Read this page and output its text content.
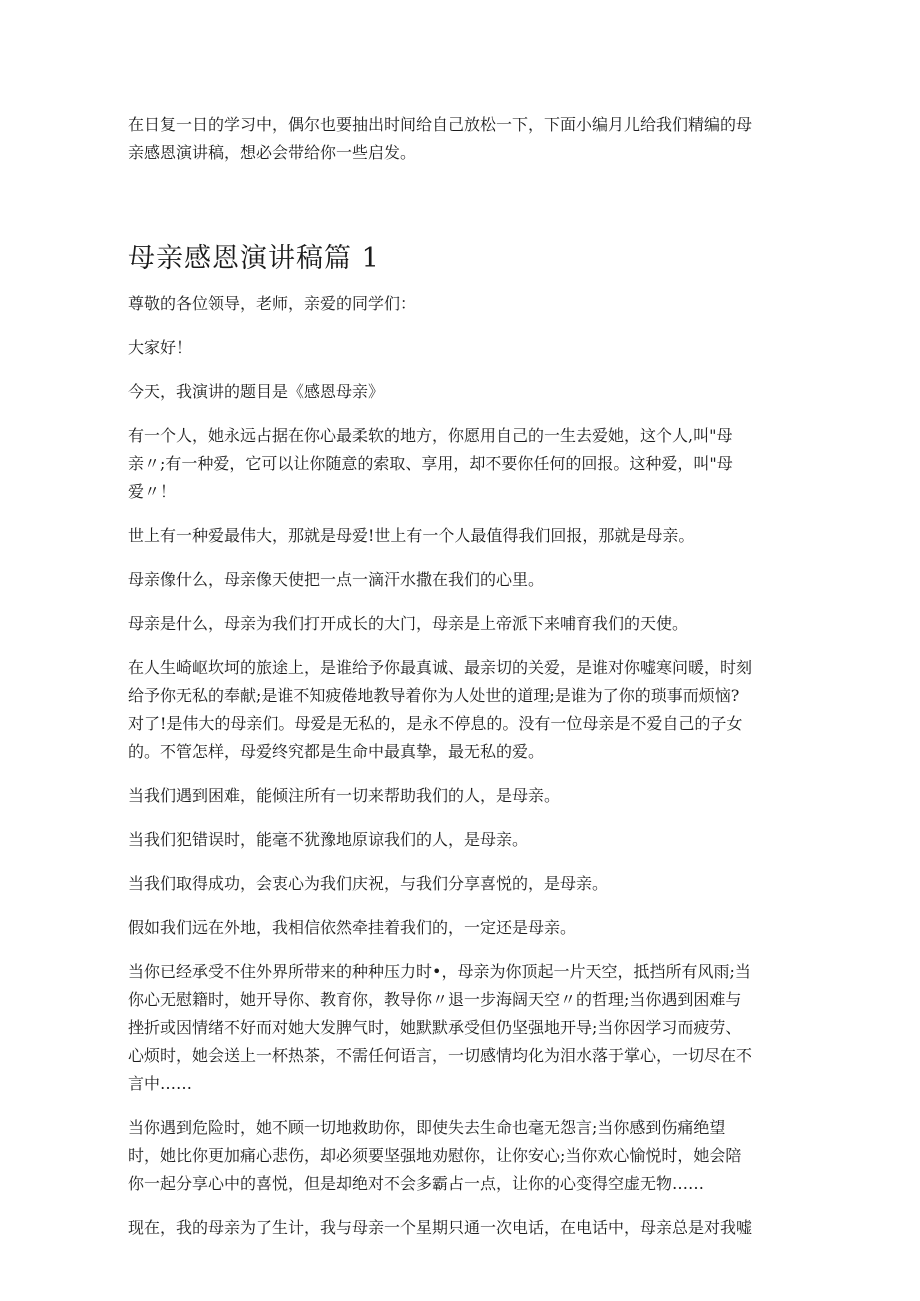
在日复一日的学习中，偶尔也要抽出时间给自己放松一下，下面小编月儿给我们精编的母
亲感恩演讲稿，想必会带给你一些启发。

母亲感恩演讲稿篇 1

尊敬的各位领导，老师，亲爱的同学们：

大家好！

今天，我演讲的题目是《感恩母亲》

有一个人，她永远占据在你心最柔软的地方，你愿用自己的一生去爱她，这个人,叫"母
亲〃;有一种爱，它可以让你随意的索取、享用，却不要你任何的回报。这种爱，叫"母
爱〃！

世上有一种爱最伟大，那就是母爱!世上有一个人最值得我们回报，那就是母亲。

母亲像什么，母亲像天使把一点一滴汗水撒在我们的心里。

母亲是什么，母亲为我们打开成长的大门，母亲是上帝派下来哺育我们的天使。

在人生崎岖坎坷的旅途上，是谁给予你最真诚、最亲切的关爱，是谁对你嘘寒问暖，时刻
给予你无私的奉献;是谁不知疲倦地教导着你为人处世的道理;是谁为了你的琐事而烦恼?
对了!是伟大的母亲们。母爱是无私的，是永不停息的。没有一位母亲是不爱自己的子女
的。不管怎样，母爱终究都是生命中最真挚，最无私的爱。

当我们遇到困难，能倾注所有一切来帮助我们的人，是母亲。

当我们犯错误时，能毫不犹豫地原谅我们的人，是母亲。

当我们取得成功，会衷心为我们庆祝，与我们分享喜悦的，是母亲。

假如我们远在外地，我相信依然牵挂着我们的，一定还是母亲。

当你已经承受不住外界所带来的种种压力时•，母亲为你顶起一片天空，抵挡所有风雨;当
你心无慰籍时，她开导你、教育你，教导你〃退一步海阔天空〃的哲理;当你遇到困难与
挫折或因情绪不好而对她大发脾气时，她默默承受但仍坚强地开导;当你因学习而疲劳、
心烦时，她会送上一杯热茶，不需任何语言，一切感情均化为泪水落于掌心，一切尽在不
言中……

当你遇到危险时，她不顾一切地救助你，即使失去生命也毫无怨言;当你感到伤痛绝望
时，她比你更加痛心悲伤，却必须要坚强地劝慰你，让你安心;当你欢心愉悦时，她会陪
你一起分享心中的喜悦，但是却绝对不会多霸占一点，让你的心变得空虚无物……

现在，我的母亲为了生计，我与母亲一个星期只通一次电话，在电话中，母亲总是对我嘘
